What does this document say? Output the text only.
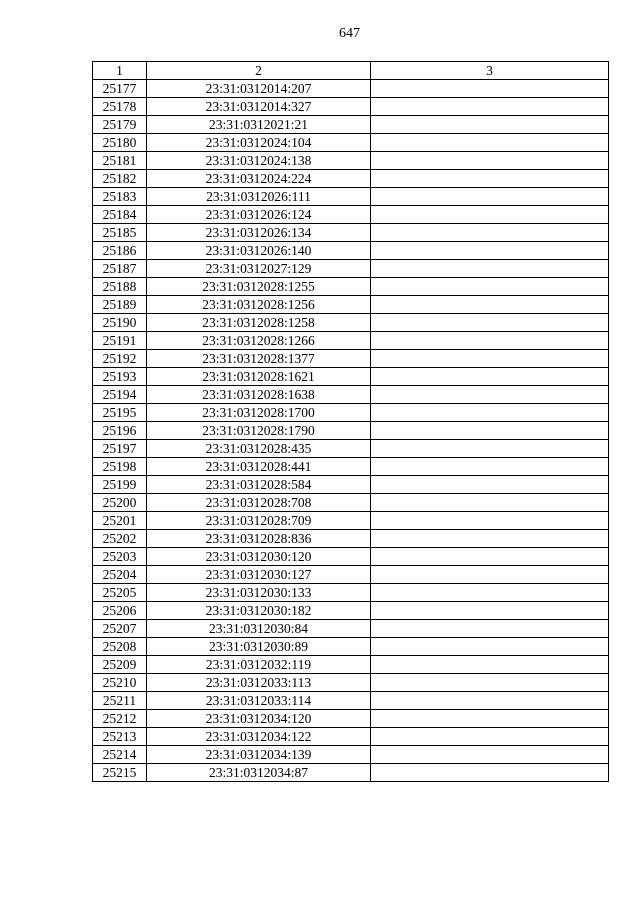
647
1	2	3
25177	23:31:0312014:207	
25178	23:31:0312014:327	
25179	23:31:0312021:21	
25180	23:31:0312024:104	
25181	23:31:0312024:138	
25182	23:31:0312024:224	
25183	23:31:0312026:111	
25184	23:31:0312026:124	
25185	23:31:0312026:134	
25186	23:31:0312026:140	
25187	23:31:0312027:129	
25188	23:31:0312028:1255	
25189	23:31:0312028:1256	
25190	23:31:0312028:1258	
25191	23:31:0312028:1266	
25192	23:31:0312028:1377	
25193	23:31:0312028:1621	
25194	23:31:0312028:1638	
25195	23:31:0312028:1700	
25196	23:31:0312028:1790	
25197	23:31:0312028:435	
25198	23:31:0312028:441	
25199	23:31:0312028:584	
25200	23:31:0312028:708	
25201	23:31:0312028:709	
25202	23:31:0312028:836	
25203	23:31:0312030:120	
25204	23:31:0312030:127	
25205	23:31:0312030:133	
25206	23:31:0312030:182	
25207	23:31:0312030:84	
25208	23:31:0312030:89	
25209	23:31:0312032:119	
25210	23:31:0312033:113	
25211	23:31:0312033:114	
25212	23:31:0312034:120	
25213	23:31:0312034:122	
25214	23:31:0312034:139	
25215	23:31:0312034:87	
